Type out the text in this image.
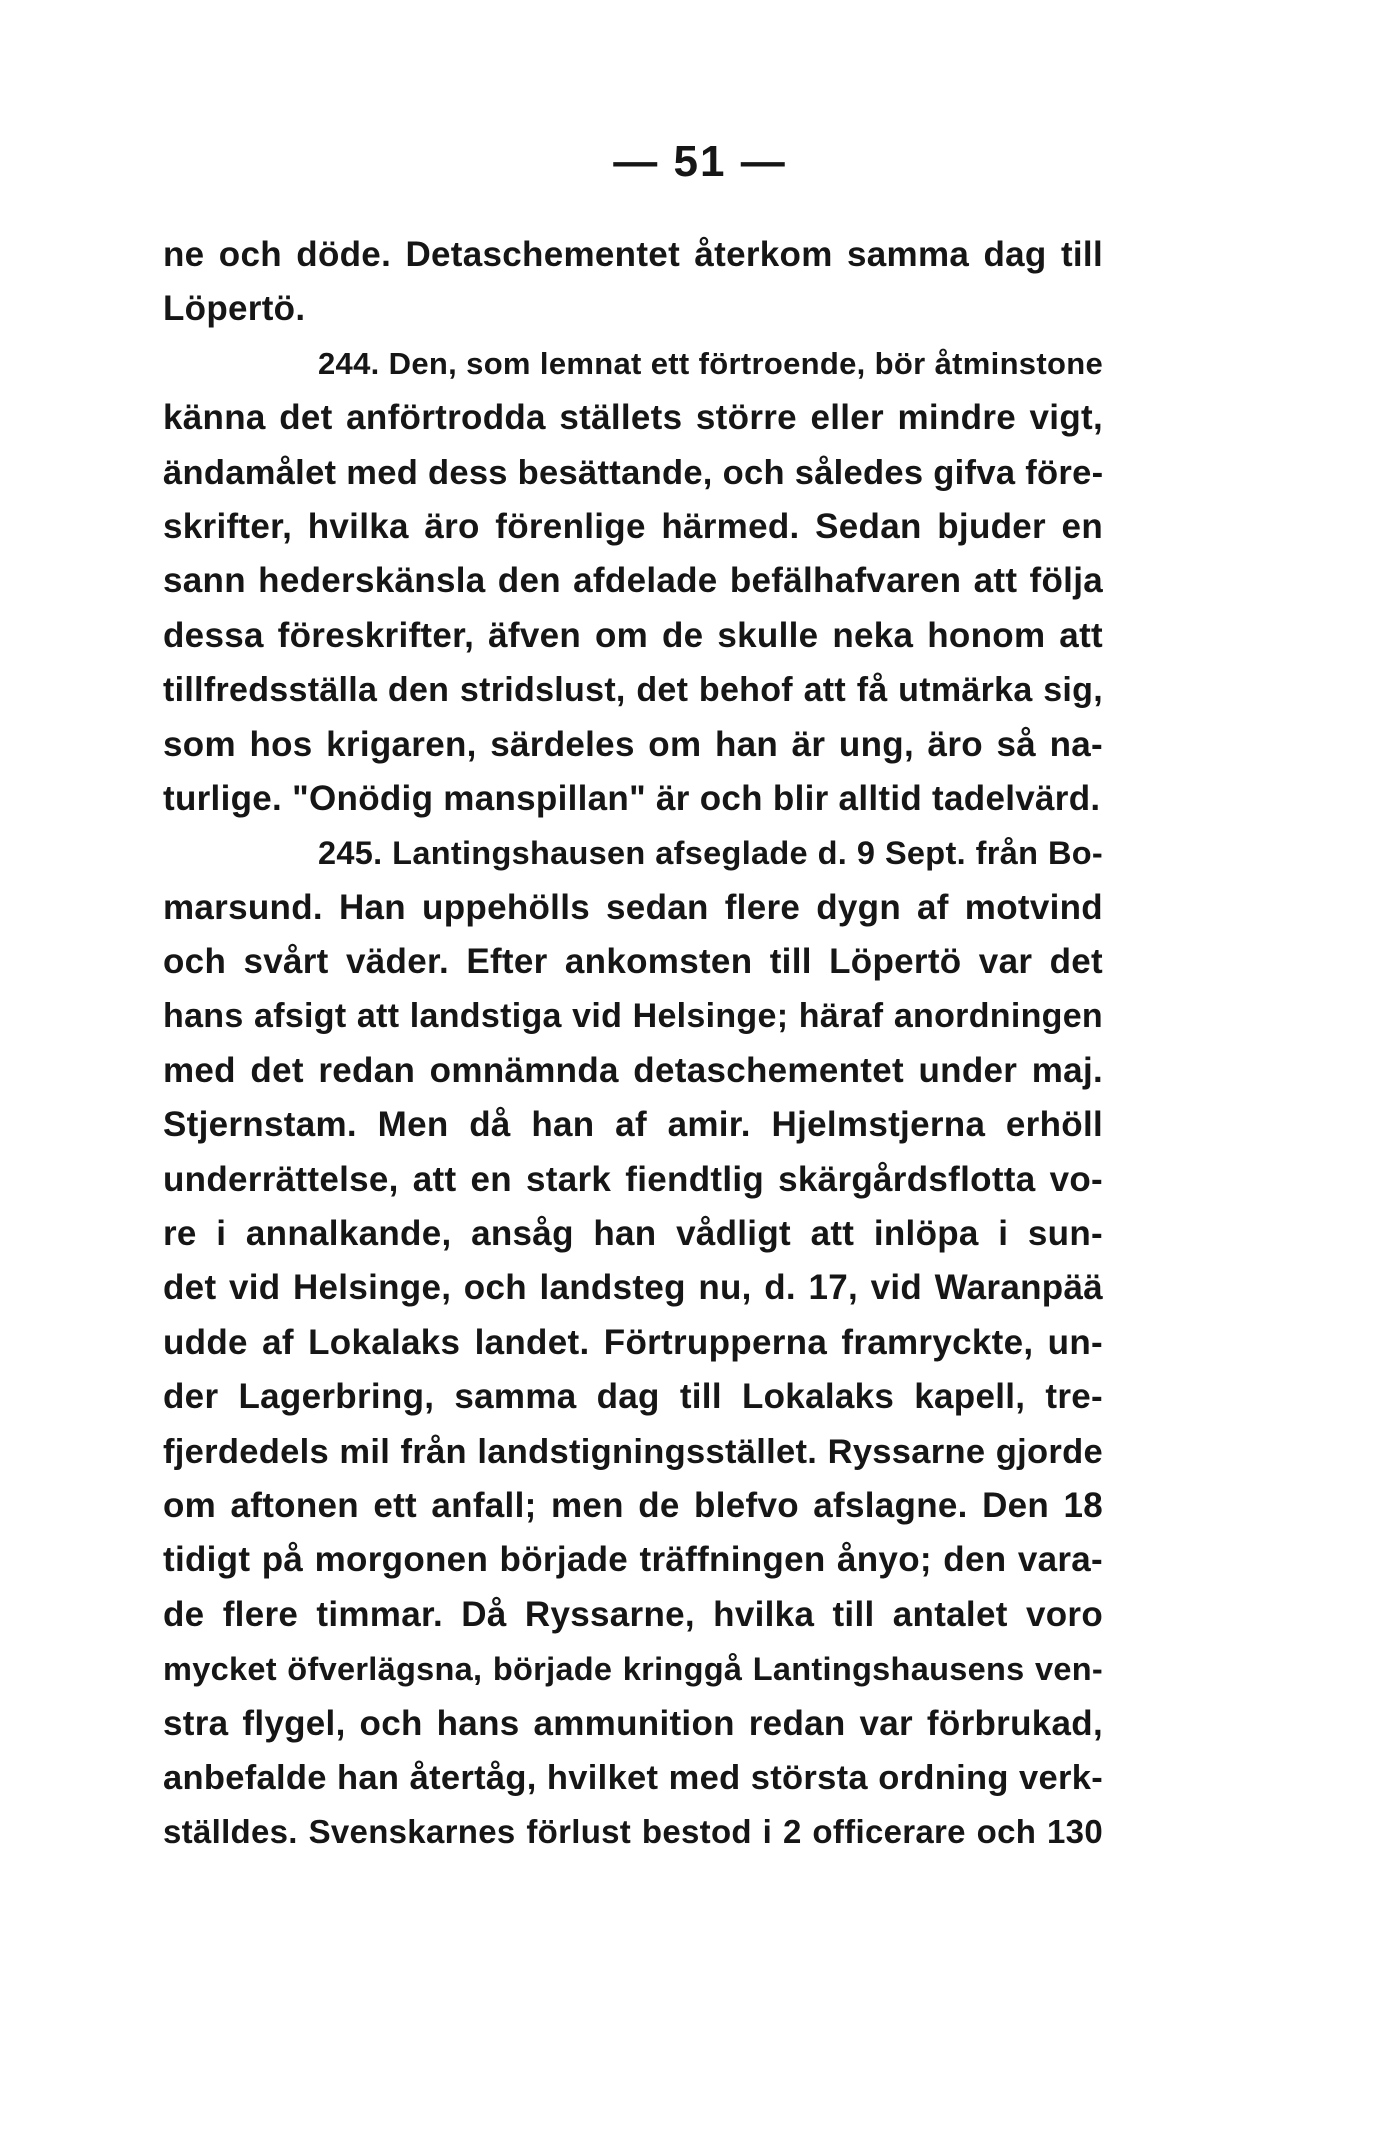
— 51 —
ne och döde. Detaschementet återkom samma dag till
Löpertö.
244. Den, som lemnat ett förtroende, bör åtminstone
känna det anförtrodda ställets större eller mindre vigt,
ändamålet med dess besättande, och således gifva före-
skrifter, hvilka äro förenlige härmed. Sedan bjuder en
sann hederskänsla den afdelade befälhafvaren att följa
dessa föreskrifter, äfven om de skulle neka honom att
tillfredsställa den stridslust, det behof att få utmärka sig,
som hos krigaren, särdeles om han är ung, äro så na-
turlige. "Onödig manspillan" är och blir alltid tadelvärd.
245. Lantingshausen afseglade d. 9 Sept. från Bo-
marsund. Han uppehölls sedan flere dygn af motvind
och svårt väder. Efter ankomsten till Löpertö var det
hans afsigt att landstiga vid Helsinge; häraf anordningen
med det redan omnämnda detaschementet under maj.
Stjernstam. Men då han af amir. Hjelmstjerna erhöll
underrättelse, att en stark fiendtlig skärgårdsflotta vo-
re i annalkande, ansåg han vådligt att inlöpa i sun-
det vid Helsinge, och landsteg nu, d. 17, vid Waranpää
udde af Lokalaks landet. Förtrupperna framryckte, un-
der Lagerbring, samma dag till Lokalaks kapell, tre-
fjerdedels mil från landstigningsstället. Ryssarne gjorde
om aftonen ett anfall; men de blefvo afslagne. Den 18
tidigt på morgonen började träffningen ånyo; den vara-
de flere timmar. Då Ryssarne, hvilka till antalet voro
mycket öfverlägsna, började kringgå Lantingshausens ven-
stra flygel, och hans ammunition redan var förbrukad,
anbefalde han återtåg, hvilket med största ordning verk-
ställdes. Svenskarnes förlust bestod i 2 officerare och 130
